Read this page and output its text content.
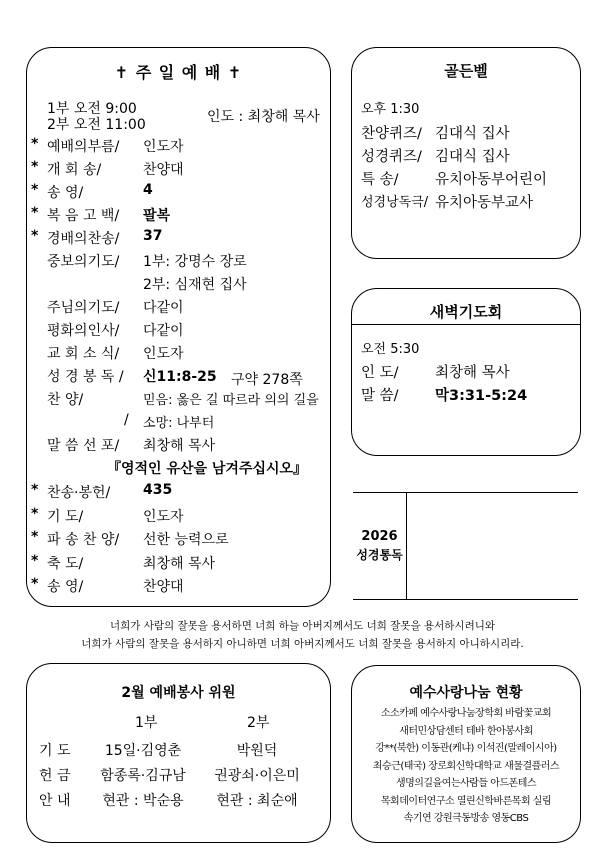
✝ 주 일 예 배 ✝
1부 오전 9:00
2부 오전 11:00	인도 : 최창해 목사
* 예배의부름/ 인도자
* 개 회 송/	찬양대
* 송 영/	4
* 복 음 고 백/ 팔복
* 경배의찬송/ 37
중보의기도/ 1부: 강명수 장로
2부: 심재현 집사
주님의기도/ 다같이
평화의인사/ 다같이
교 회 소 식/ 인도자
성 경 봉 독 / 신11:8-25 구약 278쪽
찬 양/	믿음: 옳은 길 따르라 의의 길을
/ 소망: 나부터
말 씀 선 포/ 최창해 목사
『영적인 유산을 남겨주십시오』
* 찬송·봉헌/ 435
* 기 도/	인도자
* 파 송 찬 양/ 선한 능력으로
* 축 도/	최창해 목사
* 송 영/	찬양대
골든벨
오후 1:30
찬양퀴즈/ 김대식 집사
성경퀴즈/ 김대식 집사
특 송/	유치아동부어린이
성경낭독극/ 유치아동부교사
새벽기도회
오전 5:30
인 도/	최창해 목사
말 씀/	막3:31-5:24
2026
성경통독
너희가 사람의 잘못을 용서하면 너희 하늘 아버지께서도 너희 잘못을 용서하시려니와
너희가 사람의 잘못을 용서하지 아니하면 너희 아버지께서도 너희 잘못을 용서하지 아니하시리라.
2월 예배봉사 위원
1부	2부
기 도	15일·김영춘	박원덕
헌 금	함종록·김규남	권광쇠·이은미
안 내	현관 : 박순용	현관 : 최순애
예수사랑나눔 현황
소소카페 예수사랑나눔장학회 바람꽃교회
새터민상담센터 테바 한아봉사회
강**(북한) 이동관(케냐) 이석진(말레이시아)
최승근(태국) 장로회신학대학교 새물결플러스
생명의길을여는사람들 아드폰테스
목회데이터연구소 열린신학바른목회 실림
속기연 강원극동방송 영동CBS
